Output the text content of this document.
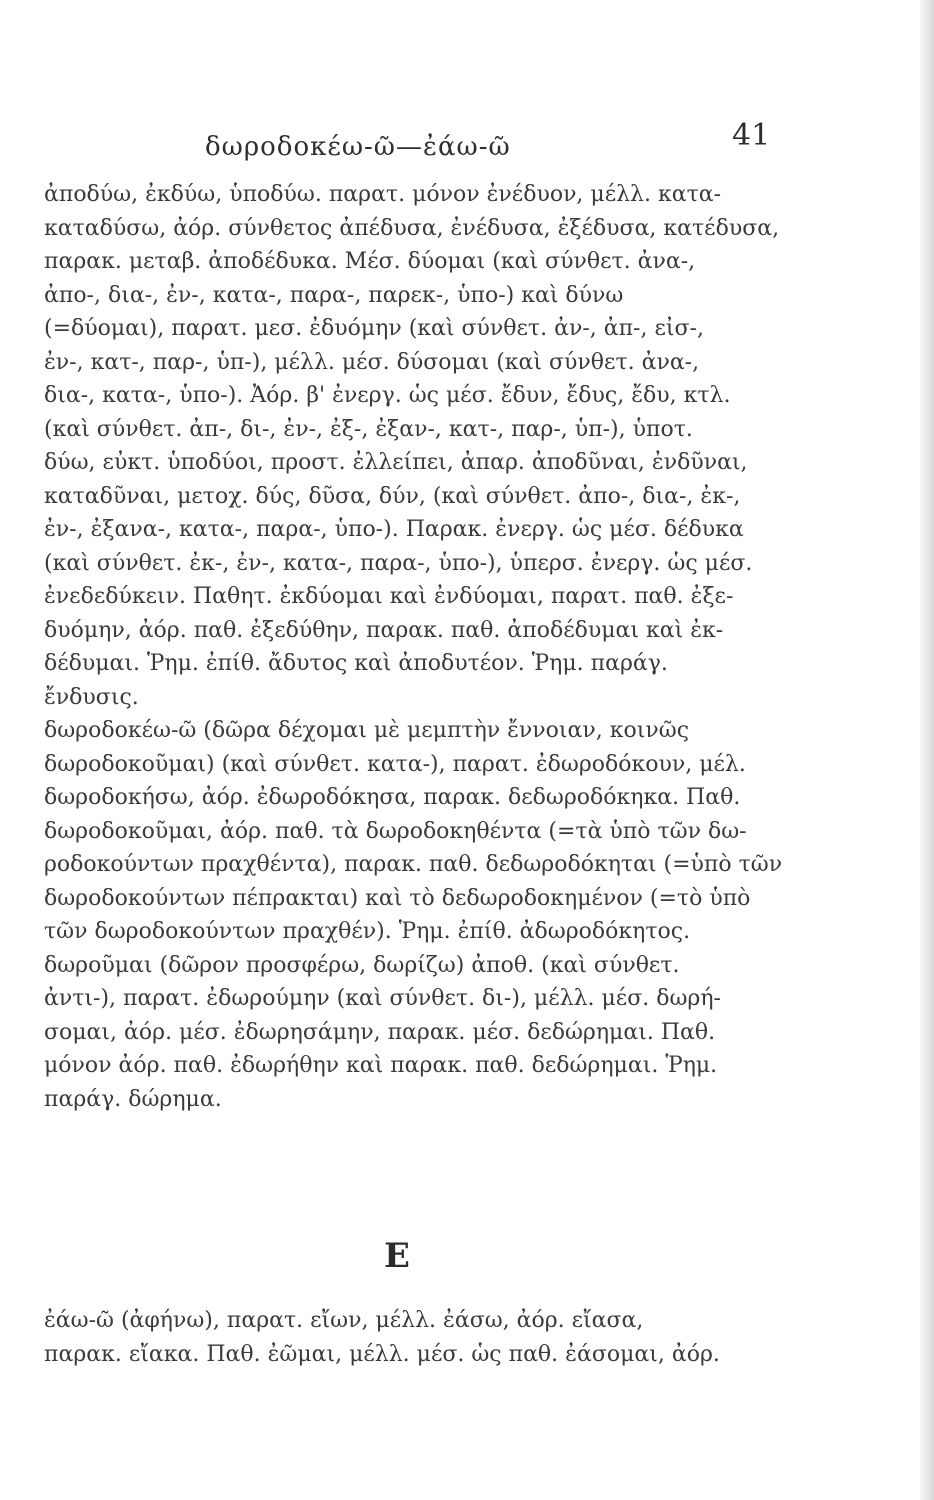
δωροδοκέω-ῶ—ἐάω-ῶ	41
ἀποδύω, ἐκδύω, ὑποδύω. παρατ. μόνον ἐνέδυον, μέλλ. κατα-
καταδύσω, ἀόρ. σύνθετος ἀπέδυσα, ἐνέδυσα, ἐξέδυσα, κατέδυσα,
παρακ. μεταβ. ἀποδέδυκα. Μέσ. δύομαι (καὶ σύνθετ. ἀνα-,
ἀπο-, δια-, ἐν-, κατα-, παρα-, παρεκ-, ὑπο-) καὶ δύνω
(=δύομαι), παρατ. μεσ. ἐδυόμην (καὶ σύνθετ. ἀν-, ἀπ-, εἰσ-,
ἐν-, κατ-, παρ-, ὑπ-), μέλλ. μέσ. δύσομαι (καὶ σύνθετ. ἀνα-,
δια-, κατα-, ὑπο-). Ἀόρ. β' ἐνεργ. ὡς μέσ. ἔδυν, ἔδυς, ἔδυ, κτλ.
(καὶ σύνθετ. ἀπ-, δι-, ἐν-, ἐξ-, ἐξαν-, κατ-, παρ-, ὑπ-), ὑποτ.
δύω, εὐκτ. ὑποδύοι, προστ. ἐλλείπει, ἀπαρ. ἀποδῦναι, ἐνδῦναι,
καταδῦναι, μετοχ. δύς, δῦσα, δύν, (καὶ σύνθετ. ἀπο-, δια-, ἐκ-,
ἐν-, ἐξανα-, κατα-, παρα-, ὑπο-). Παρακ. ἐνεργ. ὡς μέσ. δέδυκα
(καὶ σύνθετ. ἐκ-, ἐν-, κατα-, παρα-, ὑπο-), ὑπερσ. ἐνεργ. ὡς μέσ.
ἐνεδεδύκειν. Παθητ. ἐκδύομαι καὶ ἐνδύομαι, παρατ. παθ. ἐξε-
δυόμην, ἀόρ. παθ. ἐξεδύθην, παρακ. παθ. ἀποδέδυμαι καὶ ἐκ-
δέδυμαι. Ῥημ. ἐπίθ. ἄδυτος καὶ ἀποδυτέον. Ῥημ. παράγ.
ἔνδυσις.
δωροδοκέω-ῶ (δῶρα δέχομαι μὲ μεμπτὴν ἔννοιαν, κοινῶς
δωροδοκοῦμαι) (καὶ σύνθετ. κατα-), παρατ. ἐδωροδόκουν, μέλ.
δωροδοκήσω, ἀόρ. ἐδωροδόκησα, παρακ. δεδωροδόκηκα. Παθ.
δωροδοκοῦμαι, ἀόρ. παθ. τὰ δωροδοκηθέντα (=τὰ ὑπὸ τῶν δω-
ροδοκούντων πραχθέντα), παρακ. παθ. δεδωροδόκηται (=ὑπὸ τῶν
δωροδοκούντων πέπρακται) καὶ τὸ δεδωροδοκημένον (=τὸ ὑπὸ
τῶν δωροδοκούντων πραχθέν). Ῥημ. ἐπίθ. ἀδωροδόκητος.
δωροῦμαι (δῶρον προσφέρω, δωρίζω) ἀποθ. (καὶ σύνθετ.
ἀντι-), παρατ. ἐδωρούμην (καὶ σύνθετ. δι-), μέλλ. μέσ. δωρή-
σομαι, ἀόρ. μέσ. ἐδωρησάμην, παρακ. μέσ. δεδώρημαι. Παθ.
μόνον ἀόρ. παθ. ἐδωρήθην καὶ παρακ. παθ. δεδώρημαι. Ῥημ.
παράγ. δώρημα.
Ε
ἐάω-ῶ (ἀφήνω), παρατ. εἴων, μέλλ. ἐάσω, ἀόρ. εἴασα,
παρακ. εἴακα. Παθ. ἐῶμαι, μέλλ. μέσ. ὡς παθ. ἐάσομαι, ἀόρ.
